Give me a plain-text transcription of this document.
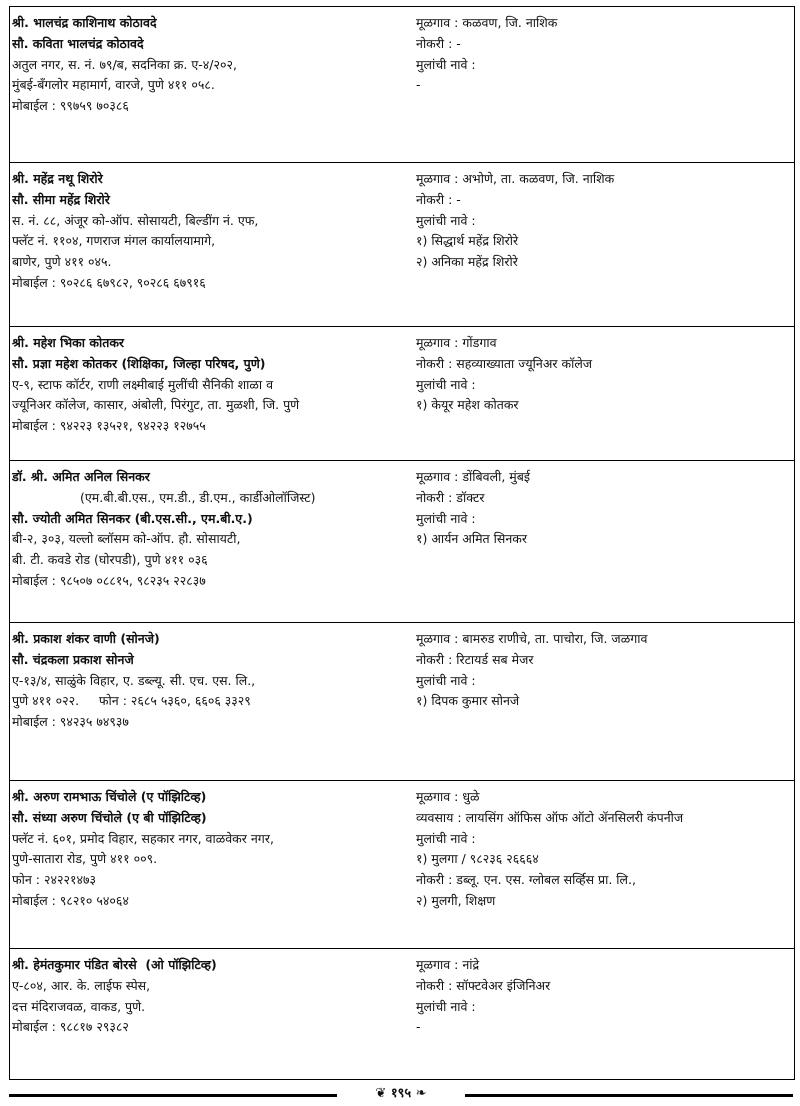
श्री. भालचंद्र काशिनाथ कोठावदे
सौ. कविता भालचंद्र कोठावदे
अतुल नगर, स. नं. ७९/ब, सदनिका क्र. ए-४/२०२,
मुंबई-बँगलोर महामार्ग, वारजे, पुणे ४११ ०५८.
मोबाईल : ९९७५९ ७०३८६
मूळगाव : कळवण, जि. नाशिक
नोकरी : -
मुलांची नावे :
-
श्री. महेंद्र नथू शिरोरे
सौ. सीमा महेंद्र शिरोरे
स. नं. ८८, अंजूर को-ऑप. सोसायटी, बिल्डींग नं. एफ,
फ्लॅट नं. ११०४, गणराज मंगल कार्यालयामागे,
बाणेर, पुणे ४११ ०४५.
मोबाईल : ९०२८६ ६७९८२, ९०२८६ ६७९१६
मूळगाव : अभोणे, ता. कळवण, जि. नाशिक
नोकरी : -
मुलांची नावे :
१) सिद्धार्थ महेंद्र शिरोरे
२) अनिका महेंद्र शिरोरे
श्री. महेश भिका कोतकर
सौ. प्रज्ञा महेश कोतकर (शिक्षिका, जिल्हा परिषद, पुणे)
ए-९, स्टाफ कॉर्टर, राणी लक्ष्मीबाई मुलींची सैनिकी शाळा व
ज्यूनिअर कॉलेज, कासार, अंबोली, पिरंगुट, ता. मुळशी, जि. पुणे
मोबाईल : ९४२२३ १३५२१, ९४२२३ १२७५५
मूळगाव : गोंडगाव
नोकरी : सहव्याख्याता ज्यूनिअर कॉलेज
मुलांची नावे :
१) केयूर महेश कोतकर
डॉ. श्री. अमित अनिल सिनकर
(एम.बी.बी.एस., एम.डी., डी.एम., कार्डीओलॉजिस्ट)
सौ. ज्योती अमित सिनकर (बी.एस.सी., एम.बी.ए.)
बी-२, ३०३, यल्लो ब्लॉसम को-ऑप. हौ. सोसायटी,
बी. टी. कवडे रोड (घोरपडी), पुणे ४११ ०३६
मोबाईल : ९८५०७ ०८८१५, ९८२३५ २२८३७
मूळगाव : डोंबिवली, मुंबई
नोकरी : डॉक्टर
मुलांची नावे :
१) आर्यन अमित सिनकर
श्री. प्रकाश शंकर वाणी (सोनजे)
सौ. चंद्रकला प्रकाश सोनजे
ए-१३/४, साळुंके विहार, ए. डब्ल्यू. सी. एच. एस. लि.,
पुणे ४११ ०२२.     फोन : २६८५ ५३६०, ६६०६ ३३२९
मोबाईल : ९४२३५ ७४९३७
मूळगाव : बामरुड राणीचे, ता. पाचोरा, जि. जळगाव
नोकरी : रिटायर्ड सब मेजर
मुलांची नावे :
१) दिपक कुमार सोनजे
श्री. अरुण रामभाऊ चिंचोले (ए पॉझिटिव्ह)
सौ. संध्या अरुण चिंचोले (ए बी पॉझिटिव्ह)
फ्लॅट नं. ६०१, प्रमोद विहार, सहकार नगर, वाळवेकर नगर,
पुणे-सातारा रोड, पुणे ४११ ००९.
फोन : २४२२१४७३
मोबाईल : ९८२१० ५४०६४
मूळगाव : धुळे
व्यवसाय : लायसिंग ऑफिस ऑफ ऑटो ॲनसिलरी कंपनीज
मुलांची नावे :
१) मुलगा / ९८२३६ २६६६४
नोकरी : डब्लू. एन. एस. ग्लोबल सर्व्हिस प्रा. लि.,
२) मुलगी, शिक्षण
श्री. हेमंतकुमार पंडित बोरसे  (ओ पॉझिटिव्ह)
ए-८०४, आर. के. लाईफ स्पेस,
दत्त मंदिराजवळ, वाकड, पुणे.
मोबाईल : ९८८१७ २९३८२
मूळगाव : नांद्रे
नोकरी : सॉफ्टवेअर इंजिनिअर
मुलांची नावे :
-
❦ १९५ ❧
